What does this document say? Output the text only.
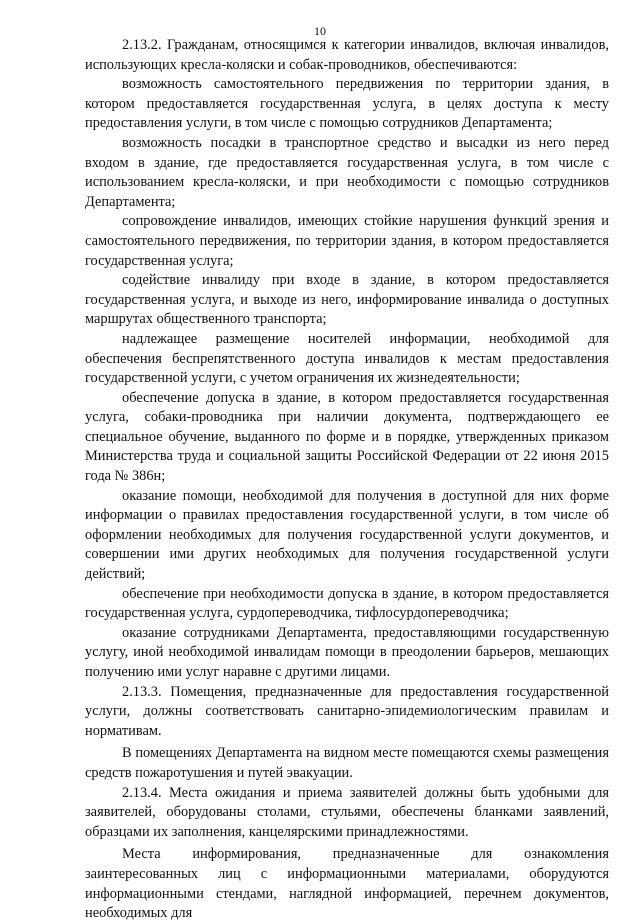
10

2.13.2. Гражданам, относящимся к категории инвалидов, включая инвалидов, использующих кресла-коляски и собак-проводников, обеспечиваются:

возможность самостоятельного передвижения по территории здания, в котором предоставляется государственная услуга, в целях доступа к месту предоставления услуги, в том числе с помощью сотрудников Департамента;

возможность посадки в транспортное средство и высадки из него перед входом в здание, где предоставляется государственная услуга, в том числе с использованием кресла-коляски, и при необходимости с помощью сотрудников Департамента;

сопровождение инвалидов, имеющих стойкие нарушения функций зрения и самостоятельного передвижения, по территории здания, в котором предоставляется государственная услуга;

содействие инвалиду при входе в здание, в котором предоставляется государственная услуга, и выходе из него, информирование инвалида о доступных маршрутах общественного транспорта;

надлежащее размещение носителей информации, необходимой для обеспечения беспрепятственного доступа инвалидов к местам предоставления государственной услуги, с учетом ограничения их жизнедеятельности;

обеспечение допуска в здание, в котором предоставляется государственная услуга, собаки-проводника при наличии документа, подтверждающего ее специальное обучение, выданного по форме и в порядке, утвержденных приказом Министерства труда и социальной защиты Российской Федерации от 22 июня 2015 года № 386н;

оказание помощи, необходимой для получения в доступной для них форме информации о правилах предоставления государственной услуги, в том числе об оформлении необходимых для получения государственной услуги документов, и совершении ими других необходимых для получения государственной услуги действий;

обеспечение при необходимости допуска в здание, в котором предоставляется государственная услуга, сурдопереводчика, тифлосурдопереводчика;

оказание сотрудниками Департамента, предоставляющими государственную услугу, иной необходимой инвалидам помощи в преодолении барьеров, мешающих получению ими услуг наравне с другими лицами.

2.13.3. Помещения, предназначенные для предоставления государственной услуги, должны соответствовать санитарно-эпидемиологическим правилам и нормативам.

В помещениях Департамента на видном месте помещаются схемы размещения средств пожаротушения и путей эвакуации.

2.13.4. Места ожидания и приема заявителей должны быть удобными для заявителей, оборудованы столами, стульями, обеспечены бланками заявлений, образцами их заполнения, канцелярскими принадлежностями.

Места информирования, предназначенные для ознакомления заинтересованных лиц с информационными материалами, оборудуются информационными стендами, наглядной информацией, перечнем документов, необходимых для
